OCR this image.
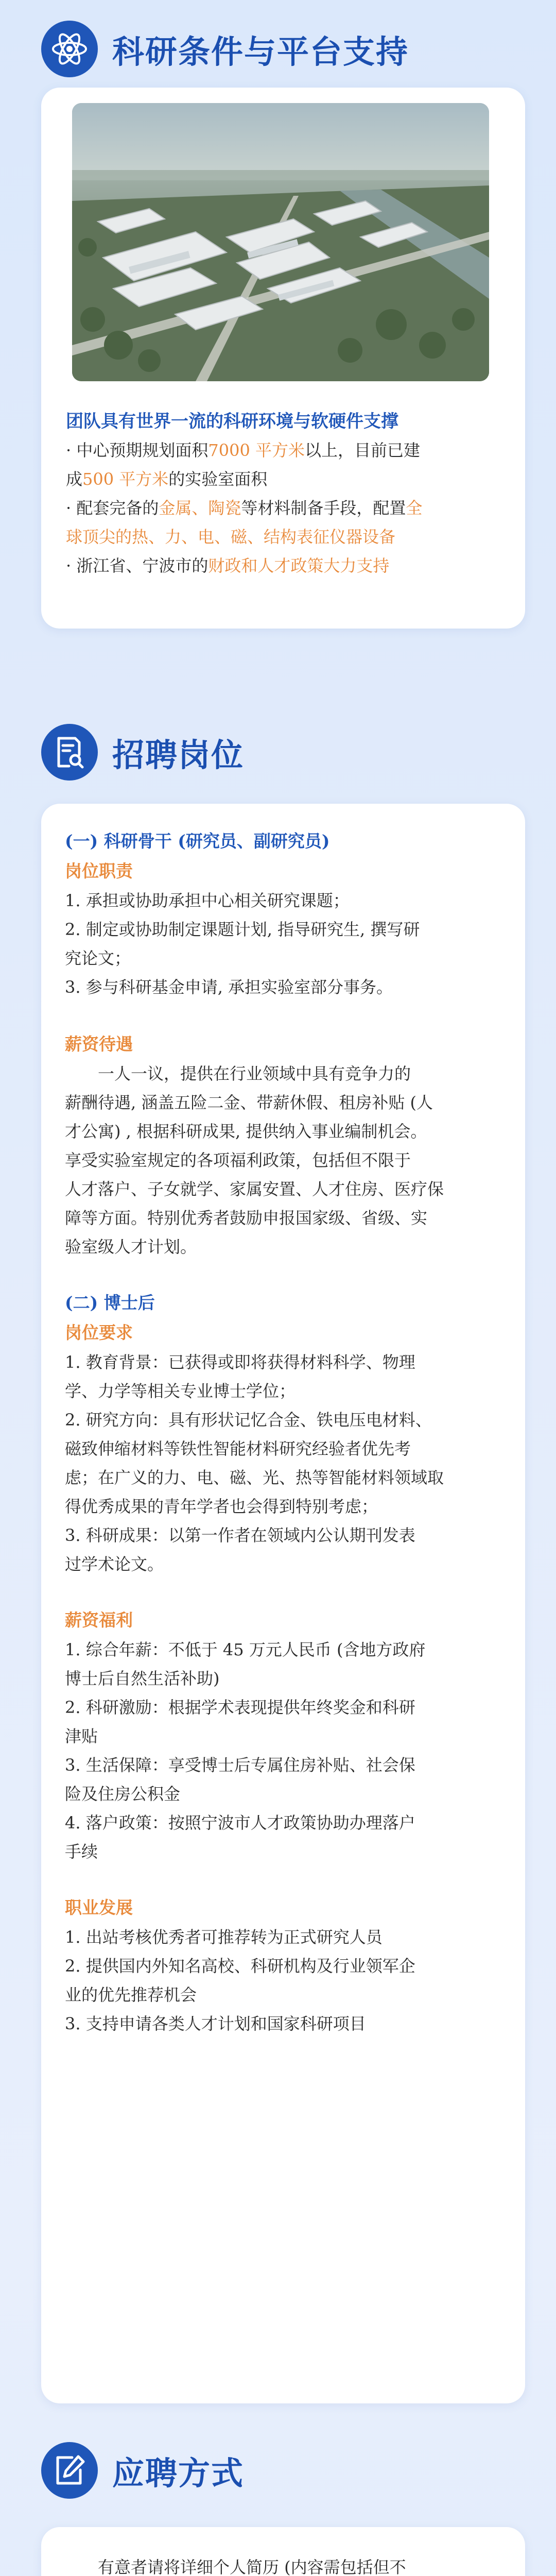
科研条件与平台支持
团队具有世界一流的科研环境与软硬件支撑
· 中心预期规划面积7000 平方米以上，目前已建
成500 平方米的实验室面积
· 配套完备的金属、陶瓷等材料制备手段，配置全
球顶尖的热、力、电、磁、结构表征仪器设备
· 浙江省、宁波市的财政和人才政策大力支持
招聘岗位
(一) 科研骨干 (研究员、副研究员)
岗位职责
1. 承担或协助承担中心相关研究课题；
2. 制定或协助制定课题计划, 指导研究生, 撰写研
究论文；
3. 参与科研基金申请, 承担实验室部分事务。
薪资待遇
一人一议，提供在行业领域中具有竞争力的
薪酬待遇, 涵盖五险二金、带薪休假、租房补贴 (人
才公寓) , 根据科研成果, 提供纳入事业编制机会。
享受实验室规定的各项福利政策，包括但不限于
人才落户、子女就学、家属安置、人才住房、医疗保
障等方面。特别优秀者鼓励申报国家级、省级、实
验室级人才计划。
(二) 博士后
岗位要求
1. 教育背景：已获得或即将获得材料科学、物理
学、力学等相关专业博士学位；
2. 研究方向：具有形状记忆合金、铁电压电材料、
磁致伸缩材料等铁性智能材料研究经验者优先考
虑；在广义的力、电、磁、光、热等智能材料领域取
得优秀成果的青年学者也会得到特别考虑；
3. 科研成果：以第一作者在领域内公认期刊发表
过学术论文。
薪资福利
1. 综合年薪：不低于 45 万元人民币 (含地方政府
博士后自然生活补助)
2. 科研激励：根据学术表现提供年终奖金和科研
津贴
3. 生活保障：享受博士后专属住房补贴、社会保
险及住房公积金
4. 落户政策：按照宁波市人才政策协助办理落户
手续
职业发展
1. 出站考核优秀者可推荐转为正式研究人员
2. 提供国内外知名高校、科研机构及行业领军企
业的优先推荐机会
3. 支持申请各类人才计划和国家科研项目
应聘方式
有意者请将详细个人简历 (内容需包括但不
